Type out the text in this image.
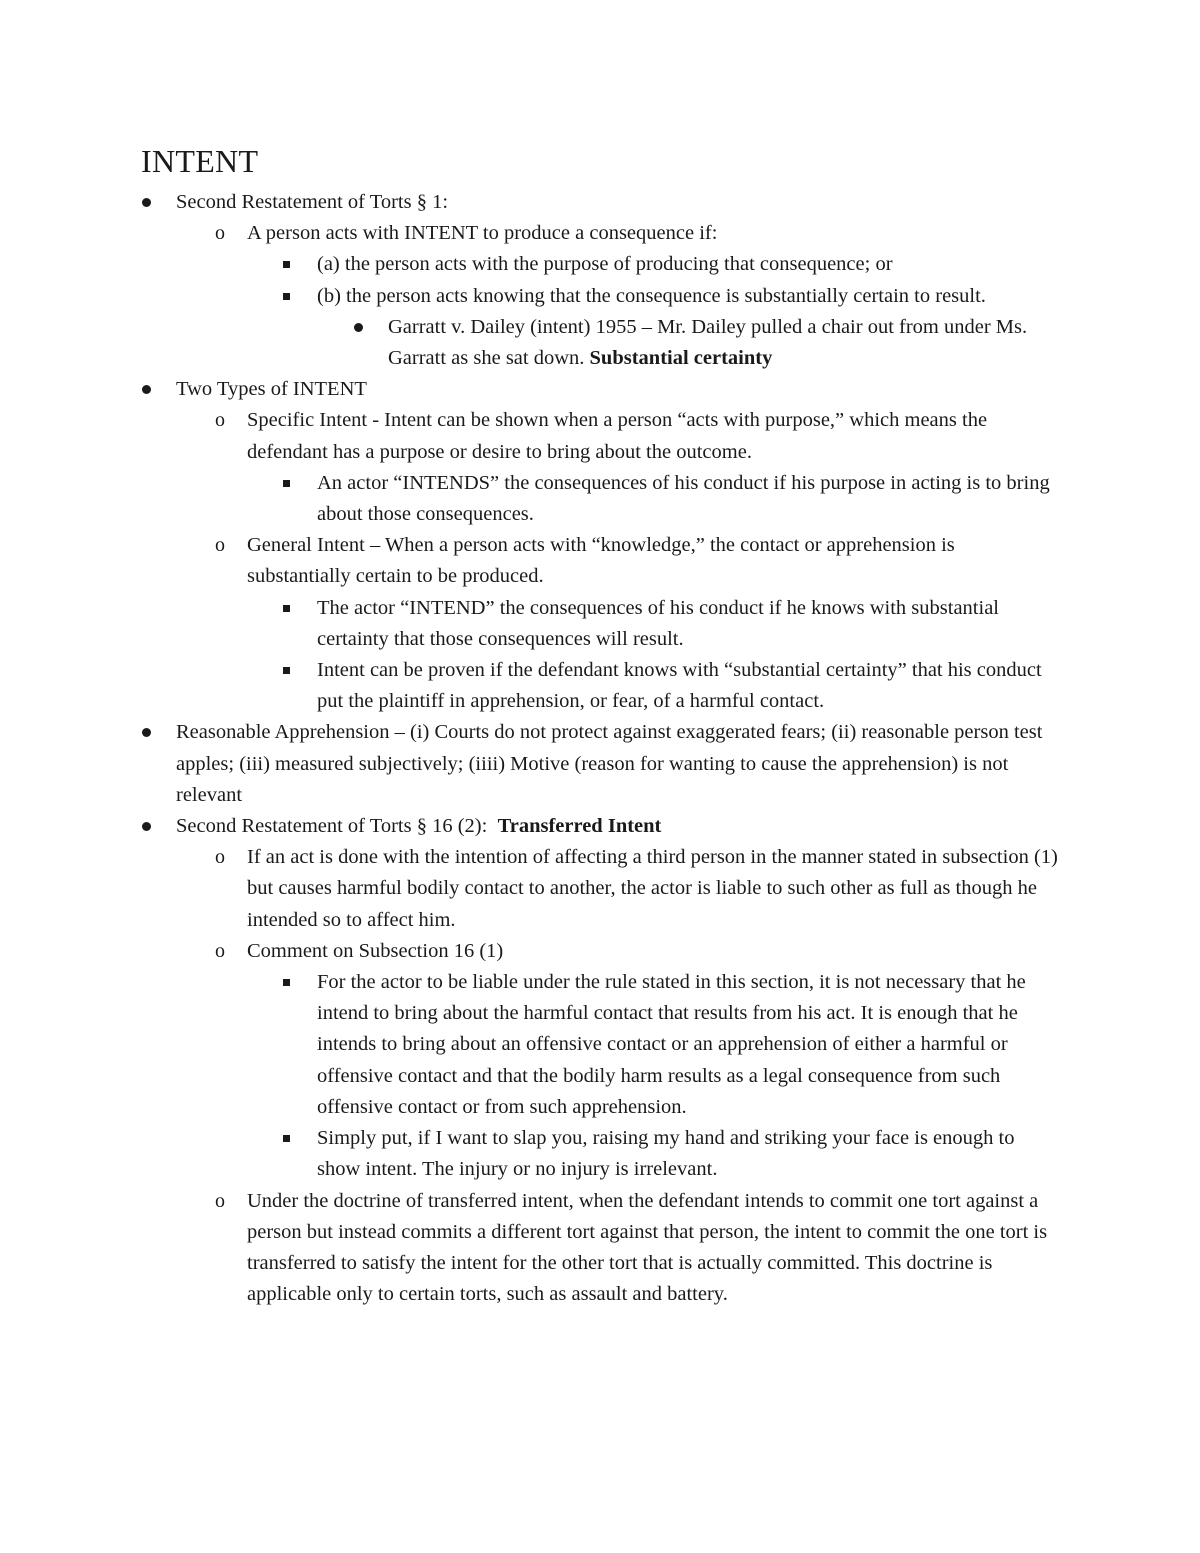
INTENT
Second Restatement of Torts § 1:
o A person acts with INTENT to produce a consequence if:
(a) the person acts with the purpose of producing that consequence; or
(b) the person acts knowing that the consequence is substantially certain to result.
Garratt v. Dailey (intent) 1955 – Mr. Dailey pulled a chair out from under Ms. Garratt as she sat down. Substantial certainty
Two Types of INTENT
o Specific Intent - Intent can be shown when a person “acts with purpose,” which means the defendant has a purpose or desire to bring about the outcome.
An actor “INTENDS” the consequences of his conduct if his purpose in acting is to bring about those consequences.
o General Intent – When a person acts with “knowledge,” the contact or apprehension is substantially certain to be produced.
The actor “INTEND” the consequences of his conduct if he knows with substantial certainty that those consequences will result.
Intent can be proven if the defendant knows with “substantial certainty” that his conduct put the plaintiff in apprehension, or fear, of a harmful contact.
Reasonable Apprehension – (i) Courts do not protect against exaggerated fears; (ii) reasonable person test apples; (iii) measured subjectively; (iiii) Motive (reason for wanting to cause the apprehension) is not relevant
Second Restatement of Torts § 16 (2): Transferred Intent
o If an act is done with the intention of affecting a third person in the manner stated in subsection (1) but causes harmful bodily contact to another, the actor is liable to such other as full as though he intended so to affect him.
o Comment on Subsection 16 (1)
For the actor to be liable under the rule stated in this section, it is not necessary that he intend to bring about the harmful contact that results from his act. It is enough that he intends to bring about an offensive contact or an apprehension of either a harmful or offensive contact and that the bodily harm results as a legal consequence from such offensive contact or from such apprehension.
Simply put, if I want to slap you, raising my hand and striking your face is enough to show intent. The injury or no injury is irrelevant.
o Under the doctrine of transferred intent, when the defendant intends to commit one tort against a person but instead commits a different tort against that person, the intent to commit the one tort is transferred to satisfy the intent for the other tort that is actually committed. This doctrine is applicable only to certain torts, such as assault and battery.
